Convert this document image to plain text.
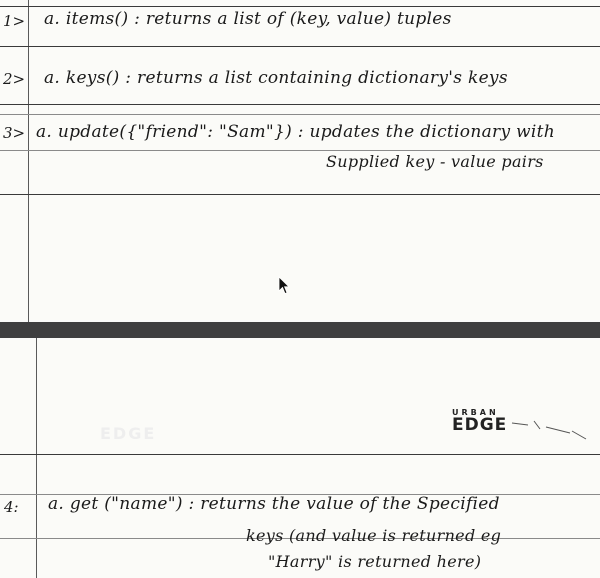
1> a. items() : returns a list of (key, value) tuples
2> a. keys() : returns a list containing dictionary's keys
3> a. update({"friend": "Sam"}) : updates the dictionary with
Supplied key - value pairs
4: a. get ("name") : returns the value of the Specified
keys (and value is returned eg
"Harry" is returned here)
EDGE
URBAN
EDGE
